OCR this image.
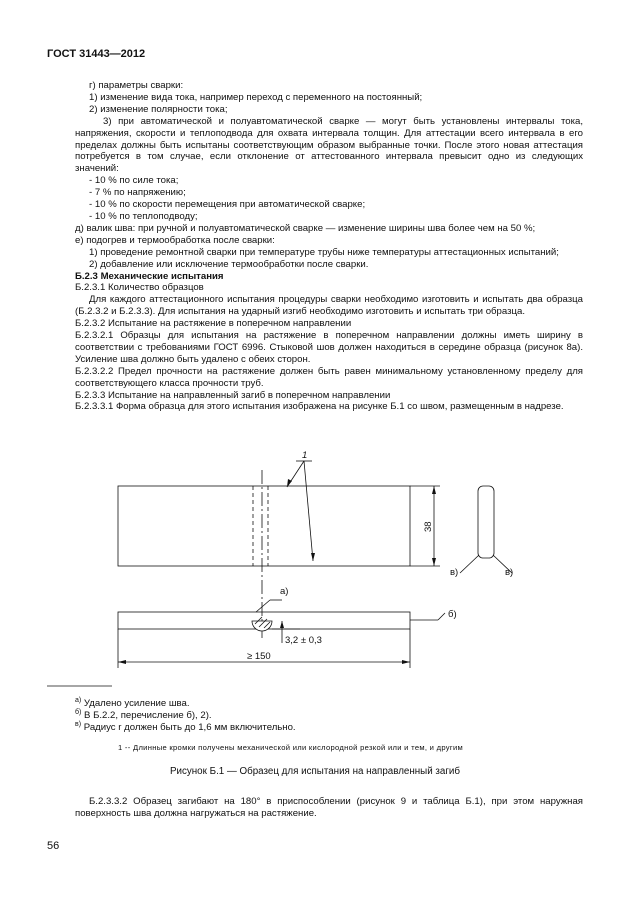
ГОСТ 31443—2012

г) параметры сварки:

1) изменение вида тока, например переход с переменного на постоянный;

2) изменение полярности тока;

3) при автоматической и полуавтоматической сварке — могут быть установлены интервалы тока, напряжения, скорости и теплоподвода для охвата интервала толщин. Для аттестации всего интервала в его пределах должны быть испытаны соответствующим образом выбранные точки. После этого новая аттестация потребуется в том случае, если отклонение от аттестованного интервала превысит одно из следующих значений:

- 10 % по силе тока;

- 7 % по напряжению;

- 10 % по скорости перемещения при автоматической сварке;

- 10 % по теплоподводу;

д) валик шва: при ручной и полуавтоматической сварке — изменение ширины шва более чем на 50 %;

е) подогрев и термообработка после сварки:

1) проведение ремонтной сварки при температуре трубы ниже температуры аттестационных испытаний;

2) добавление или исключение термообработки после сварки.

Б.2.3 Механические испытания

Б.2.3.1 Количество образцов

Для каждого аттестационного испытания процедуры сварки необходимо изготовить и испытать два образца (Б.2.3.2 и Б.2.3.3). Для испытания на ударный изгиб необходимо изготовить и испытать три образца.

Б.2.3.2 Испытание на растяжение в поперечном направлении

Б.2.3.2.1 Образцы для испытания на растяжение в поперечном направлении должны иметь ширину в соответствии с требованиями ГОСТ 6996. Стыковой шов должен находиться в середине образца (рисунок 8а). Усиление шва должно быть удалено с обеих сторон.

Б.2.3.2.2 Предел прочности на растяжение должен быть равен минимальному установленному пределу для соответствующего класса прочности труб.

Б.2.3.3 Испытание на направленный загиб в поперечном направлении

Б.2.3.3.1 Форма образца для этого испытания изображена на рисунке Б.1 со швом, размещенным в надрезе.

1
38
в)	в)
а)
б)
3,2 ± 0,3
≥ 150
$^{а)}$ Удалено усиление шва.
$^{б)}$ В Б.2.2, перечисление б), 2).
$^{в)}$ Радиус r должен быть до 1,6 мм включительно.
1 -- Длинные кромки получены механической или кислородной резкой или и тем, и другим
Рисунок Б.1 — Образец для испытания на направленный загиб
Б.2.3.3.2 Образец загибают на 180° в приспособлении (рисунок 9 и таблица Б.1), при этом наружная поверхность шва должна нагружаться на растяжение.
56
